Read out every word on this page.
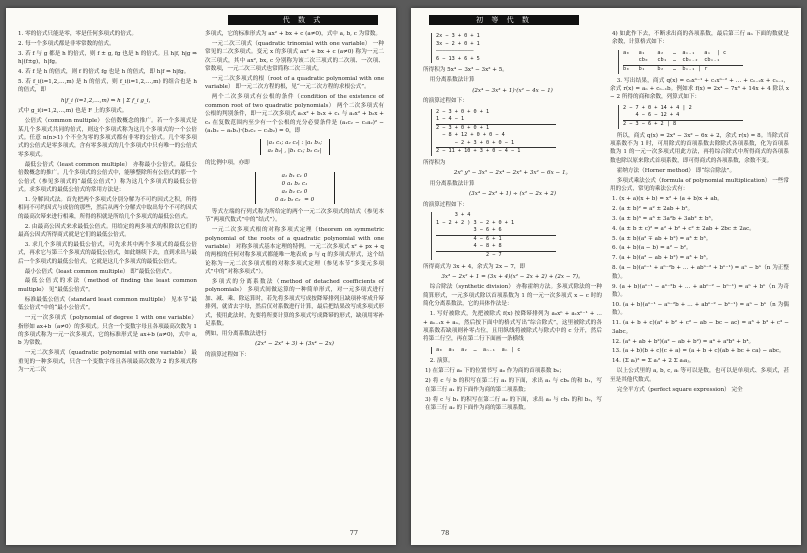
代 数 式

1. 零的倍式只能是零，零是任何多项式的倍式。

2. 每一个多项式都是非零常数的倍式。

3. 若 f 与 g 都是 h 的倍式，则 f ± g, fg 也是 h 的倍式。且 h|f, h|g ⇒ h|(f±g)，h|fg。

4. 若 f 是 h 的倍式，则 f 的倍式 fg 也是 h 的倍式，即 h|f ⇒ h|fg。

5. 若 f_i(i=1,2,…,m) 是 h 的倍式，则 f_i(i=1,2,…,m) 的组合也是 h 的倍式，即

h|f_i (i=1,2,…,m) ⇒ h | Σ f_i g_i，

式中 g_i(i=1,2,…,m) 也是 F 上的多项式。

公倍式（common multiple） 公倍数概念的推广。若一个多项式是某几个多项式共同的倍式，则这个多项式称为这几个多项式的一个公倍式。任意 n(n>1) 个不全为零的多项式都有非零的公倍式。几个零多项式的公倍式是零多项式，含有零多项式的几个多项式中只有唯一的公倍式零多项式。

最低公倍式（least common multiple） 亦称最小公倍式。最低公倍数概念的推广。几个多项式的公倍式中，能够整除所有公倍式的那一个公倍式（参见多项式的“最低公倍式”）称为这几个多项式的最低公倍式。求多项式的最低公倍式的常用方法是：

1. 分解因式法。首先把两个多项式分别分解为不可约因式之积，所得相同不可约因式与成倍的那些，然后从两个分解式中取出每个不可约因式的最高次幂来进行相乘，所得的积就是所给几个多项式的最低公倍式。

2. 由最高公因式来求最低公倍式。用给定的两多项式的积除以它们的最高公因式所得商式就是它们的最低公倍式。

3. 求几个多项式的最低公倍式，可先求其中两个多项式的最低公倍式，再求它与第三个多项式的最低公倍式，如此继续下去，直到求出与最后一个多项式的最低公倍式，它就是这几个多项式的最低公倍式。

最小公倍式（least common multiple） 即“最低公倍式”。

最低公倍式的求法（method of finding the least common multiple） 见“最低公倍式”。

标准最低公倍式（standard least common multiple） 见本节“最低公倍式”中的“最小公倍式”。

一元一次多项式（polynomial of degree 1 with one variable） 指形如 ax+b（a≠0）的多项式。只含一个变数字母且各项最高次数为 1 的多项式称为一元一次多项式，它的标准形式是 ax+b (a≠0)，式中 a, b 为常数。

一元二次多项式（quadratic polynomial with one variable） 最重见的一种多项式，只含一个变数字母且各项最高次数为 2 的多项式称为一元二次

多项式，它的标准形式为 ax² + bx + c (a≠0)，式中 a, b, c 为常数。

一元二次三项式（quadratic trinomial with one variable） 一种常见的二次多项式。变元 x 的多项式 ax² + bx + c (a≠0) 称为一元二次三项式，其中 ax², bx, c 分别称为该二次三项式的二次项、一次项、常数项，一元二次三项式也常简称二次三项式。

一元二次多项式的根（root of a quadratic polynomial with one variable） 即一元二次方程的根，见“一元二次方程的求根公式”。

两个二次多项式有公根的条件（condition of the existence of common root of two quadratic polynomials） 两个二次多项式有公根的判别条件，即一元二次多项式 a₁x² + b₁x + c₁ 与 a₂x² + b₂x + c₂ 在复数范围内至少有一个公根的充分必要条件是 (a₁c₂ − c₁a₂)² − (a₁b₂ − a₂b₁)·(b₁c₂ − c₁b₂) = 0，即

|a₁ c₁; a₂ c₂| : |a₁ b₁; a₂ b₂| , |b₁ c₁; b₂ c₂|

的比例中项，亦即

a₁ b₁ c₁ 0
0 a₁ b₁ c₁
a₂ b₂ c₂ 0
0 a₂ b₂ c₂  = 0

等式左端的行列式称为所给定的两个一元二次多项式的结式（参见本节“两项代数式”中的“结式”）。

一元二次多项式根的对称多项式定理（theorem on symmetric polynomial of the roots of a quadratic polynomial with one variable） 对称多项式基本定理的特例。一元二次多项式 x² + px + q 的两根的任何对称多项式都能唯一地表成 p 与 q 的多项式形式，这个结论称为一元二次多项式根的对称多项式定理（参见本节“多变元多项式”中的“对称多项式”）。

多项式的分离系数法（method of detached coefficients of polynomials） 多项式间做运算的一种简单形式，对一元多项式进行加、减、乘、除运算时，若先将多项式写成按降幂排列且缺项补零成升幂排列，就省去字母，然后仅对系数进行计算，最后把结果改写成多项式形式，使用此法时，先要将所要计算的多项式写成降幂的形式，缺项用零补足系数。

例如，用分离系数法进行

(2x³ − 2x² + 3) + (3x⁴ − 2x)

的演算过程如下：

77
初 等 代 数
2x − 3 + 0 + 1
3x − 2 + 0 + 1
――――――――――――
6 − 13 + 6 + 5

所得积为 5x⁴ − 3x³ − 3x² + 5。

用分离系数法计算

(2x⁴ − 3x³ + 1)·(x² − 4x − 1)

的演算过程如下：

2 − 3 + 0 + 0 + 1
1 − 4 − 1

2 − 3 + 0 + 0 + 1
− 8 + 12 + 0 + 0 − 4
− 2 + 3 + 0 + 0 − 1

2 − 11 + 10 + 3 + 0 − 4 − 1

所得积为

2x⁶ y⁵ − 3x⁵ − 2x⁴ − 2x³ + 3x² − 6x − 1。

用分离系数法计算

(3x⁴ − 2x³ + 1) ÷ (x² − 2x + 2)

的演算过程如下：

3 + 4
1 − 2 + 2 ) 3 − 2 + 0 + 1
3 − 6 + 6

4 − 6 + 1
4 − 8 + 8

2 − 7

所得商式为 3x + 4，余式为 2x − 7，即

3x³ − 2x² + 1 = (3x + 4)(x² − 2x + 2) + (2x − 7)。

综合除法（synthetic division） 亦称霍纳方法。多项式除法的一种简算形式，一元多项式除以首项系数为 1 的一元一次多项式 x − c 时的简化分离系数法，它的具体作法是：

1. 写好被除式，先把被除式 f(x) 按降幂排列为 a₀xⁿ + a₁xⁿ⁻¹ + … + aₙ₋₁x + aₙ，然后按下面中的格式写出“综合除式”，这里被除式的各项系数若缺项则补零占位，且用纵线将被除式与除式中的 c 分开，然后将第二行空，再在第二行下面画一条横线

a₀  a₁  a₂  …  aₙ₋₁  aₙ | c

2. 演算。

1) 在第三行 a₀ 下的位置书写 a₀ 作为商的首项系数 b₀；

2) 将 c 与 b 的积写在第二行 a₁ 的下面，求出 a₁ 与 cb₀ 的和 b₁，写在第三行 a₁ 的下面作为商的第二项系数；

3) 将 c 与 b₁ 的积写在第二行 a₂ 的下面，求出 a₂ 与 cb₁ 的和 b₂，写在第三行 a₂ 的下面作为商的第三项系数。

4) 如此作下去，不断求出商的各项系数，最后第三行 aₙ 下面的数就是余数，计算格式如下：

a₀   a₁    a₂   …  aₙ₋₁   aₙ  | c
cb₀   cb₁  …  cbₙ₋₂  cbₙ₋₁

b₀   b₁    b₂   …  bₙ₋₁ | r

3. 写出结果，商式 q(x) = c₀xⁿ⁻¹ + c₁xⁿ⁻² + … + cₙ₋₂x + cₙ₋₁，余式 r(x) = aₙ + cₙ₋₁b。例如求 f(x) = 2x⁴ − 7x³ + 14x + 4 除以 x − 2 所得的商和余数，列算式如下：

2 − 7 + 0 + 14 + 4 | 2
4 − 6 − 12 + 4

2 − 3 − 6 + 2 | 8

所以，商式 q(x) = 2x³ − 3x² − 6x + 2，余式 r(x) = 8。当除式首项系数不为 1 时，可用除式的首项系数去除除式各项系数，化为首项系数为 1 的一元一次多项式用此方法，再将综合除式中所得商式的各项系数也除以原来除式首项系数，即可得商式的各项系数，余数不变。

霍纳方法（Horner method） 即“综合除法”。

多项式乘法公式（formula of polynomial multiplication） 一些常用的公式，常见的乘法公式有：

1. (x + a)(x + b) = x² + (a + b)x + ab。

2. (a ± b)² = a² ± 2ab + b²。

3. (a ± b)³ = a³ ± 3a²b + 3ab² ± b³。

4. (a ± b ± c)² = a² + b² + c² ± 2ab + 2bc ± 2ac。

5. (a ± b)(a² ∓ ab + b²) = a³ ± b³。

6. (a + b)(a − b) = a² − b²。

7. (a + b)(a² − ab + b²) = a³ + b³。

8. (a − b)(aⁿ⁻¹ + aⁿ⁻²b + … + abⁿ⁻² + bⁿ⁻¹) = aⁿ − bⁿ（n 为正整数）。

9. (a + b)(aⁿ⁻¹ − aⁿ⁻²b + … + abⁿ⁻² − bⁿ⁻¹) = aⁿ + bⁿ（n 为奇数）。

10. (a + b)(aⁿ⁻¹ − aⁿ⁻²b + … + abⁿ⁻² − bⁿ⁻¹) = aⁿ − bⁿ（n 为偶数）。

11. (a + b + c)(a² + b² + c² − ab − bc − ac) = a³ + b³ + c³ − 3abc。

12. (a² + ab + b²)(a² − ab + b²) = a⁴ + a²b² + b⁴。

13. (a + b)(b + c)(c + a) = (a + b + c)(ab + bc + ca) − abc。

14. (Σ aᵢ)² = Σ aᵢ² + 2 Σ aᵢaⱼ。

以上公式里的 a, b, c, aᵢ 等可以是数，也可以是单项式、多项式，甚至是其他代数式。

完全平方式（perfect square expression） 完全

78
